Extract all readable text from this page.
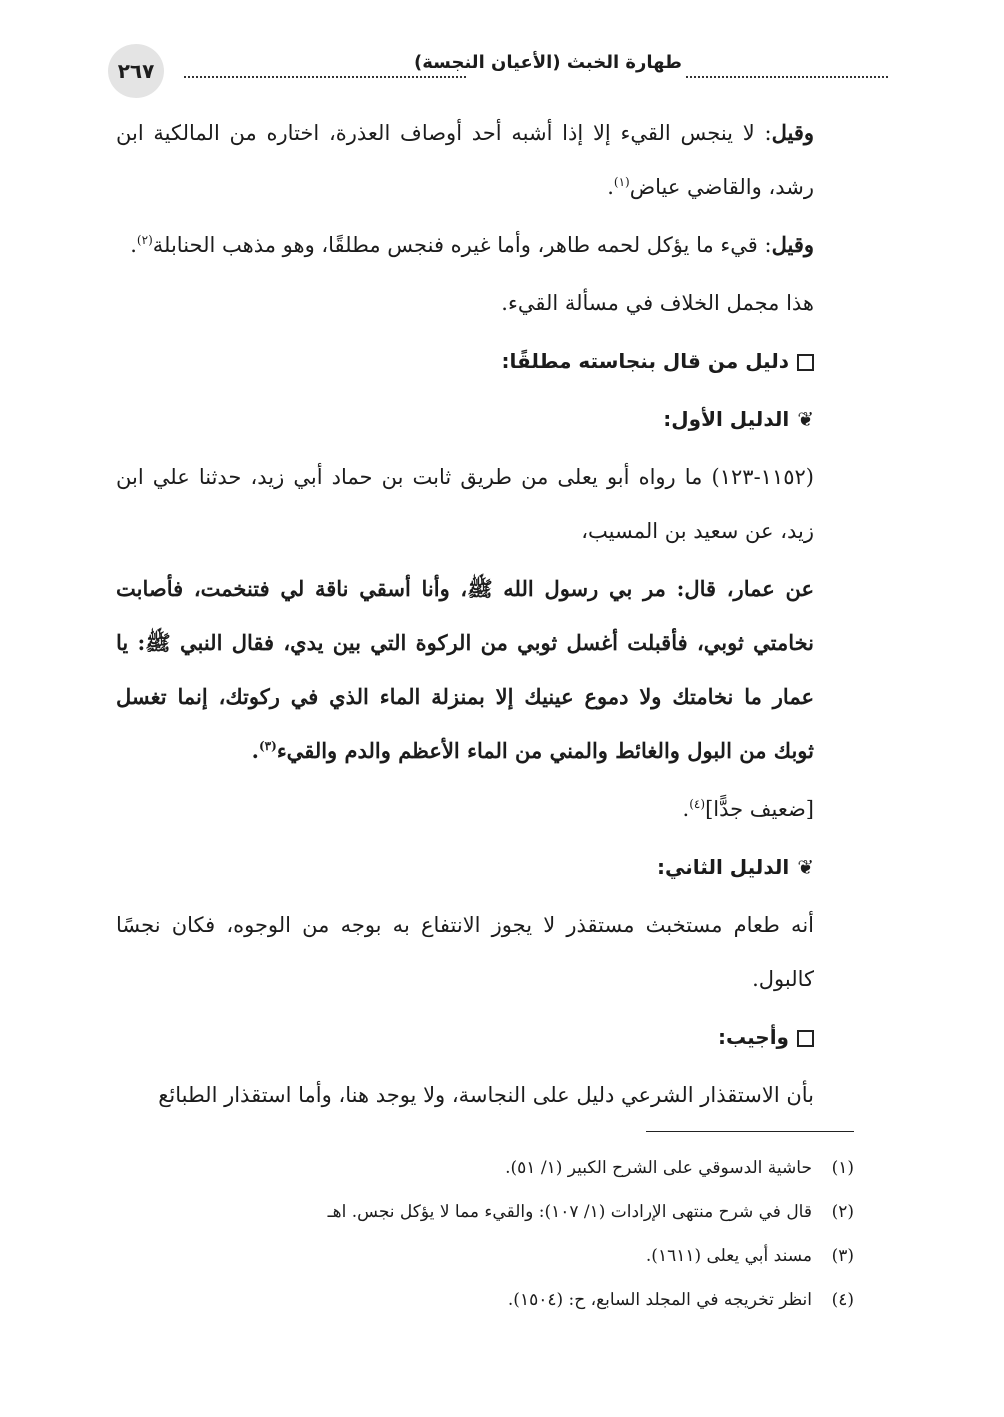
٢٦٧	طهارة الخبث (الأعيان النجسة)

وقيل: لا ينجس القيء إلا إذا أشبه أحد أوصاف العذرة، اختاره من المالكية ابن رشد، والقاضي عياض$^{(١)}$.

وقيل: قيء ما يؤكل لحمه طاهر، وأما غيره فنجس مطلقًا، وهو مذهب الحنابلة$^{(٢)}$.

هذا مجمل الخلاف في مسألة القيء.

دليل من قال بنجاسته مطلقًا:
❦الدليل الأول:

(١١٥٢-١٢٣) ما رواه أبو يعلى من طريق ثابت بن حماد أبي زيد، حدثنا علي ابن زيد، عن سعيد بن المسيب،

عن عمار، قال: مر بي رسول الله ﷺ، وأنا أسقي ناقة لي فتنخمت، فأصابت نخامتي ثوبي، فأقبلت أغسل ثوبي من الركوة التي بين يدي، فقال النبي ﷺ: يا عمار ما نخامتك ولا دموع عينيك إلا بمنزلة الماء الذي في ركوتك، إنما تغسل ثوبك من البول والغائط والمني من الماء الأعظم والدم والقيء$^{(٣)}$.

[ضعيف جدًّا]$^{(٤)}$.

❦الدليل الثاني:

أنه طعام مستخبث مستقذر لا يجوز الانتفاع به بوجه من الوجوه، فكان نجسًا كالبول.

وأجيب:

بأن الاستقذار الشرعي دليل على النجاسة، ولا يوجد هنا، وأما استقذار الطبائع

(١)حاشية الدسوقي على الشرح الكبير (١/ ٥١).

(٢)قال في شرح منتهى الإرادات (١/ ١٠٧): والقيء مما لا يؤكل نجس. اهـ

(٣)مسند أبي يعلى (١٦١١).

(٤)انظر تخريجه في المجلد السابع، ح: (١٥٠٤).
